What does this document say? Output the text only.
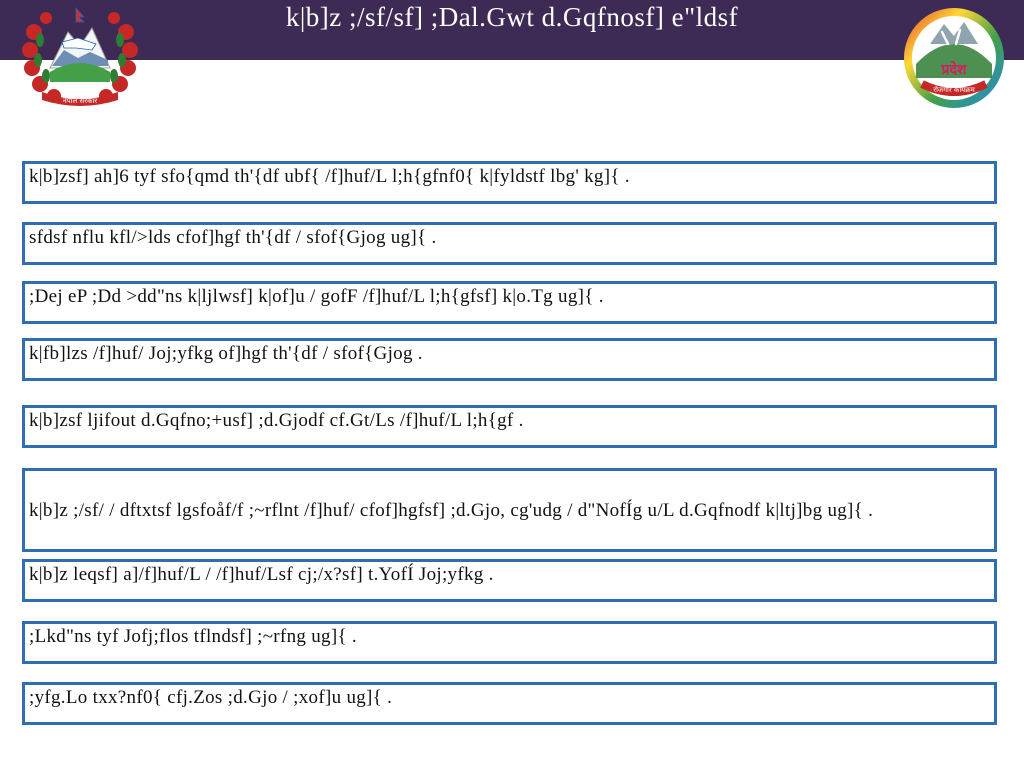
k|b]z ;/sf/sf] ;Dal.Gwt d.Gqfnosf] e"ldsf
नेपाल सरकार
प्रदेश
रोजगार कार्यक्रम
k|b]zsf] ah]6 tyf sfo{qmd th'{df ubf{ /f]huf/L l;h{gfnf0{ k|fyldstf lbg' kg]{ .
sfdsf nflu kfl/>lds cfof]hgf th'{df / sfof{Gjog ug]{ .
;Dej eP ;Dd >dd"ns k|ljlwsf] k|of]u / gofF /f]huf/L l;h{gfsf] k|o.Tg ug]{ .
k|fb]lzs /f]huf/ Joj;yfkg of]hgf th'{df / sfof{Gjog .
k|b]zsf ljifout d.Gqfno;+usf] ;d.Gjodf cf.Gt/Ls /f]huf/L l;h{gf .
k|b]z ;/sf/ / dftxtsf lgsfoåf/f ;~rflnt /f]huf/ cfof]hgfsf] ;d.Gjo, cg'udg / d"NofÍg u/L d.Gqfnodf k|ltj]bg ug]{ .
k|b]z leqsf] a]/f]huf/L / /f]huf/Lsf cj;/x?sf] t.YofÍ Joj;yfkg .
;Lkd"ns tyf Jofj;flos tflndsf] ;~rfng ug]{ .
;yfg.Lo txx?nf0{ cfj.Zos ;d.Gjo / ;xof]u ug]{ .
